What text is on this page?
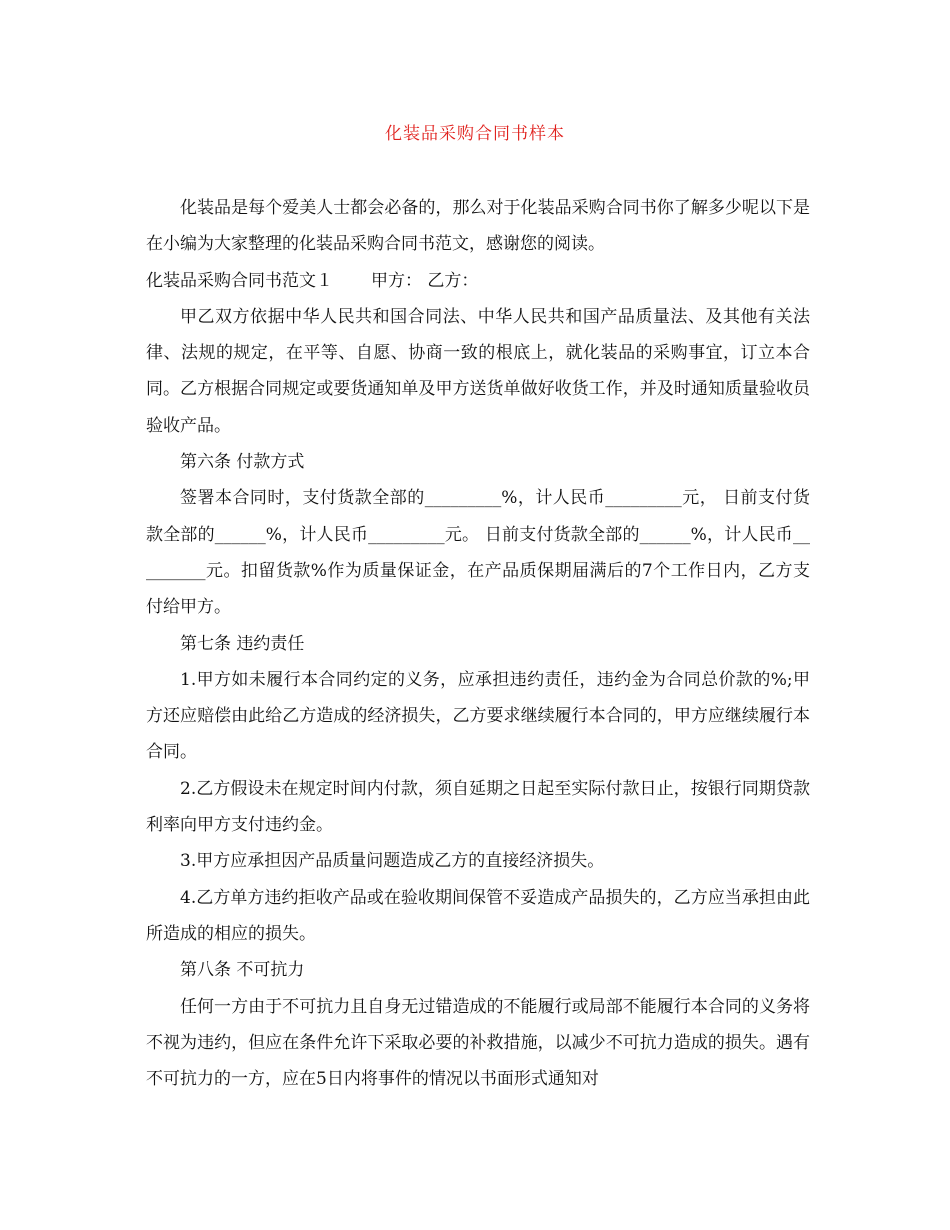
化装品采购合同书样本

化装品是每个爱美人士都会必备的，那么对于化装品采购合同书你了解多少呢以下是在小编为大家整理的化装品采购合同书范文，感谢您的阅读。

化装品采购合同书范文１ 甲方： 乙方：

甲乙双方依据中华人民共和国合同法、中华人民共和国产品质量法、及其他有关法律、法规的规定，在平等、自愿、协商一致的根底上，就化装品的采购事宜，订立本合同。乙方根据合同规定或要货通知单及甲方送货单做好收货工作，并及时通知质量验收员验收产品。

第六条 付款方式

签署本合同时，支付货款全部的_________%，计人民币_________元， 日前支付货款全部的______%，计人民币_________元。 日前支付货款全部的______%，计人民币_________元。扣留货款%作为质量保证金，在产品质保期届满后的7个工作日内，乙方支付给甲方。

第七条 违约责任

1.甲方如未履行本合同约定的义务，应承担违约责任，违约金为合同总价款的%;甲方还应赔偿由此给乙方造成的经济损失，乙方要求继续履行本合同的，甲方应继续履行本合同。

2.乙方假设未在规定时间内付款，须自延期之日起至实际付款日止，按银行同期贷款利率向甲方支付违约金。

3.甲方应承担因产品质量问题造成乙方的直接经济损失。

4.乙方单方违约拒收产品或在验收期间保管不妥造成产品损失的，乙方应当承担由此所造成的相应的损失。

第八条 不可抗力

任何一方由于不可抗力且自身无过错造成的不能履行或局部不能履行本合同的义务将不视为违约，但应在条件允许下采取必要的补救措施，以减少不可抗力造成的损失。遇有不可抗力的一方，应在5日内将事件的情况以书面形式通知对
